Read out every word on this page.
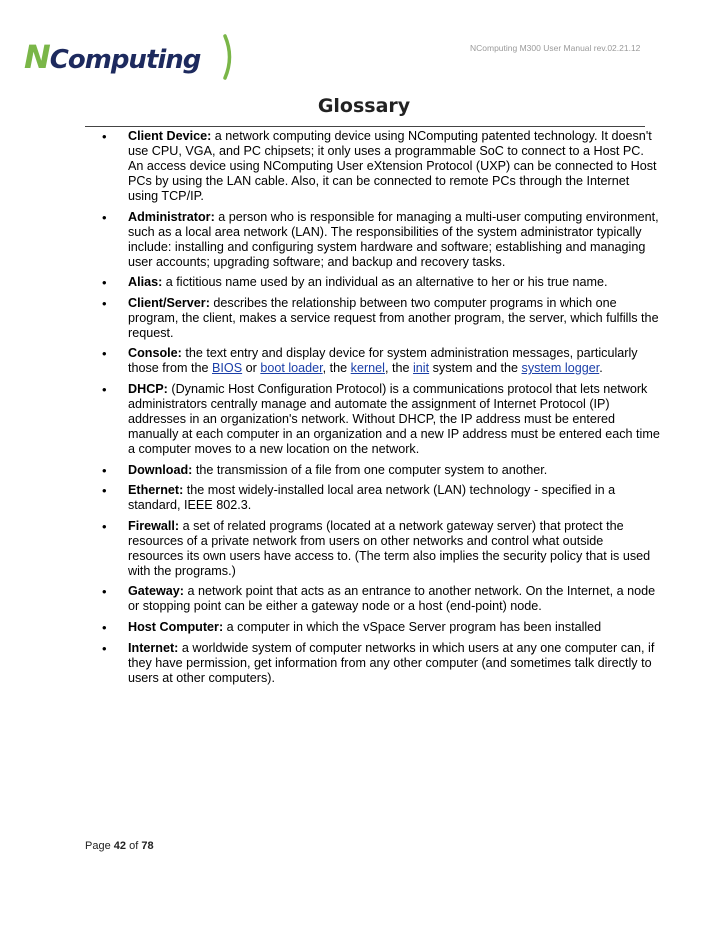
NComputing	NComputing M300 User Manual rev.02.21.12
Glossary
• Client Device: a network computing device using NComputing patented technology. It doesn't use CPU, VGA, and PC chipsets; it only uses a programmable SoC to connect to a Host PC. An access device using NComputing User eXtension Protocol (UXP) can be connected to Host PCs by using the LAN cable. Also, it can be connected to remote PCs through the Internet using TCP/IP.
• Administrator: a person who is responsible for managing a multi-user computing environment, such as a local area network (LAN). The responsibilities of the system administrator typically include: installing and configuring system hardware and software; establishing and managing user accounts; upgrading software; and backup and recovery tasks.
• Alias: a fictitious name used by an individual as an alternative to her or his true name.
• Client/Server: describes the relationship between two computer programs in which one program, the client, makes a service request from another program, the server, which fulfills the request.
• Console: the text entry and display device for system administration messages, particularly those from the BIOS or boot loader, the kernel, the init system and the system logger.
• DHCP: (Dynamic Host Configuration Protocol) is a communications protocol that lets network administrators centrally manage and automate the assignment of Internet Protocol (IP) addresses in an organization's network. Without DHCP, the IP address must be entered manually at each computer in an organization and a new IP address must be entered each time a computer moves to a new location on the network.
• Download: the transmission of a file from one computer system to another.
• Ethernet: the most widely-installed local area network (LAN) technology - specified in a standard, IEEE 802.3.
• Firewall: a set of related programs (located at a network gateway server) that protect the resources of a private network from users on other networks and control what outside resources its own users have access to. (The term also implies the security policy that is used with the programs.)
• Gateway: a network point that acts as an entrance to another network. On the Internet, a node or stopping point can be either a gateway node or a host (end-point) node.
• Host Computer: a computer in which the vSpace Server program has been installed
• Internet: a worldwide system of computer networks in which users at any one computer can, if they have permission, get information from any other computer (and sometimes talk directly to users at other computers).
Page 42 of 78
